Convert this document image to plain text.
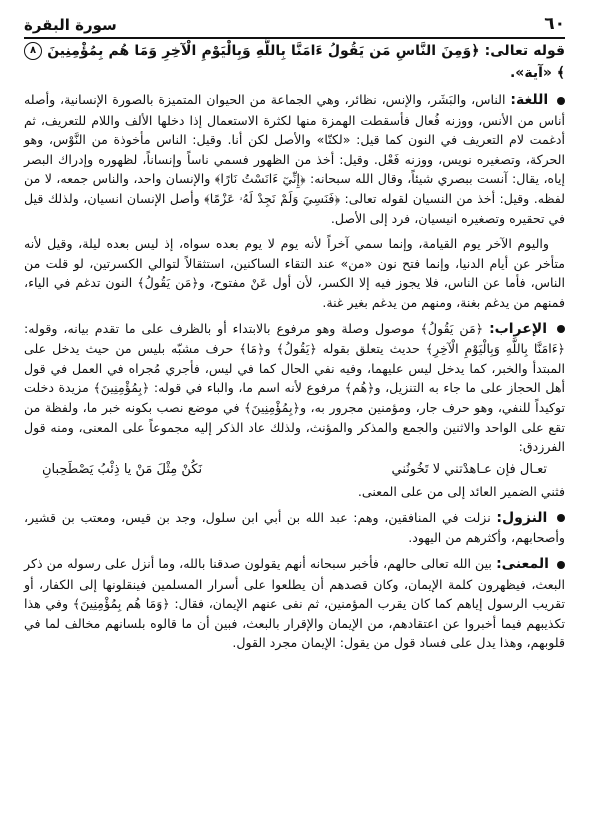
٦٠
سورة البقرة

قوله تعالى: ﴿وَمِنَ النَّاسِ مَن يَقُولُ ءَامَنَّا بِاللَّهِ وَبِالْيَوْمِ الْآخِرِ وَمَا هُم بِمُؤْمِنِينَ ٨ ﴾ «آية».

اللغة: الناس، والبَشَر، والإنس، نظائر، وهي الجماعة من الحيوان المتميزة بالصورة الإنسانية، وأصله أناس من الأنس، ووزنه فُعال فأسقطت الهمزة منها لكثرة الاستعمال إذا دخلها الألف واللام للتعريف، ثم أدغمت لام التعريف في النون كما قيل: «لكنّا» والأصل لكن أنا. وقيل: الناس مأخوذة من النَّوْس، وهو الحركة، وتصغيره نويس، ووزنه فَعْل. وقيل: أخذ من الظهور فسمي ناساً وإنساناً، لظهوره وإدراك البصر إياه، يقال: آنست ببصري شيئاً، وقال الله سبحانه: ﴿إِنِّيٓ ءَانَسْتُ نَارًا﴾ والإنسان واحد، والناس جمعه، لا من لفظه. وقيل: أخذ من النسيان لقوله تعالى: ﴿فَنَسِيَ وَلَمْ نَجِدْ لَهُۥ عَزْمًا﴾ وأصل الإنسان انسيان، ولذلك قيل في تحقيره وتصغيره انيسيان، فرد إلى الأصل.

واليوم الآخر يوم القيامة، وإنما سمي آخراً لأنه يوم لا يوم بعده سواه، إذ ليس بعده ليلة، وقيل لأنه متأخر عن أيام الدنيا، وإنما فتح نون «من» عند التقاء الساكنين، استثقالاً لتوالي الكسرتين، لو قلت من الناس، فأما عن الناس، فلا يجوز فيه إلا الكسر، لأن أول عَنْ مفتوح، و﴿مَن يَقُولُ﴾ النون تدغم في الياء، فمنهم من يدغم بغنة، ومنهم من يدغم بغير غنة.

الإعراب: ﴿مَن يَقُولُ﴾ موصول وصلة وهو مرفوع بالابتداء أو بالظرف على ما تقدم بيانه، وقوله: ﴿ءَامَنَّا بِاللَّهِ وَبِالْيَوْمِ الْآخِرِ﴾ حديث يتعلق بقوله ﴿يَقُولُ﴾ و﴿مَا﴾ حرف مشبّه بليس من حيث يدخل على المبتدأ والخبر، كما يدخل ليس عليهما، وفيه نفي الحال كما في ليس، فأجري مُجراه في العمل في قول أهل الحجاز على ما جاء به التنزيل، و﴿هُم﴾ مرفوع لأنه اسم ما، والباء في قوله: ﴿بِمُؤْمِنِينَ﴾ مزيدة دخلت توكيداً للنفي، وهو حرف جار، ومؤمنين مجرور به، و﴿بِمُؤْمِنِينَ﴾ في موضع نصب بكونه خبر ما، ولفظة من تقع على الواحد والاثنين والجمع والمذكر والمؤنث، ولذلك عاد الذكر إليه مجموعاً على المعنى، ومنه قول الفرزدق:

تعـال فإن عـاهدْتني لا تَخُونُني
نَكُنْ مِثْلَ مَنْ يا ذِئْبُ يَصْطَحِبانِ

فثني الضمير العائد إلى من على المعنى.

النزول: نزلت في المنافقين، وهم: عبد الله بن أبي ابن سلول، وجد بن قيس، ومعتب بن قشير، وأصحابهم، وأكثرهم من اليهود.

المعنى: بين الله تعالى حالهم، فأخبر سبحانه أنهم يقولون صدقنا بالله، وما أنزل على رسوله من ذكر البعث، فيظهرون كلمة الإيمان، وكان قصدهم أن يطلعوا على أسرار المسلمين فينقلونها إلى الكفار، أو تقريب الرسول إياهم كما كان يقرب المؤمنين، ثم نفى عنهم الإيمان، فقال: ﴿وَمَا هُم بِمُؤْمِنِينَ﴾ وفي هذا تكذيبهم فيما أخبروا عن اعتقادهم، من الإيمان والإقرار بالبعث، فبين أن ما قالوه بلسانهم مخالف لما في قلوبهم، وهذا يدل على فساد قول من يقول: الإيمان مجرد القول.
